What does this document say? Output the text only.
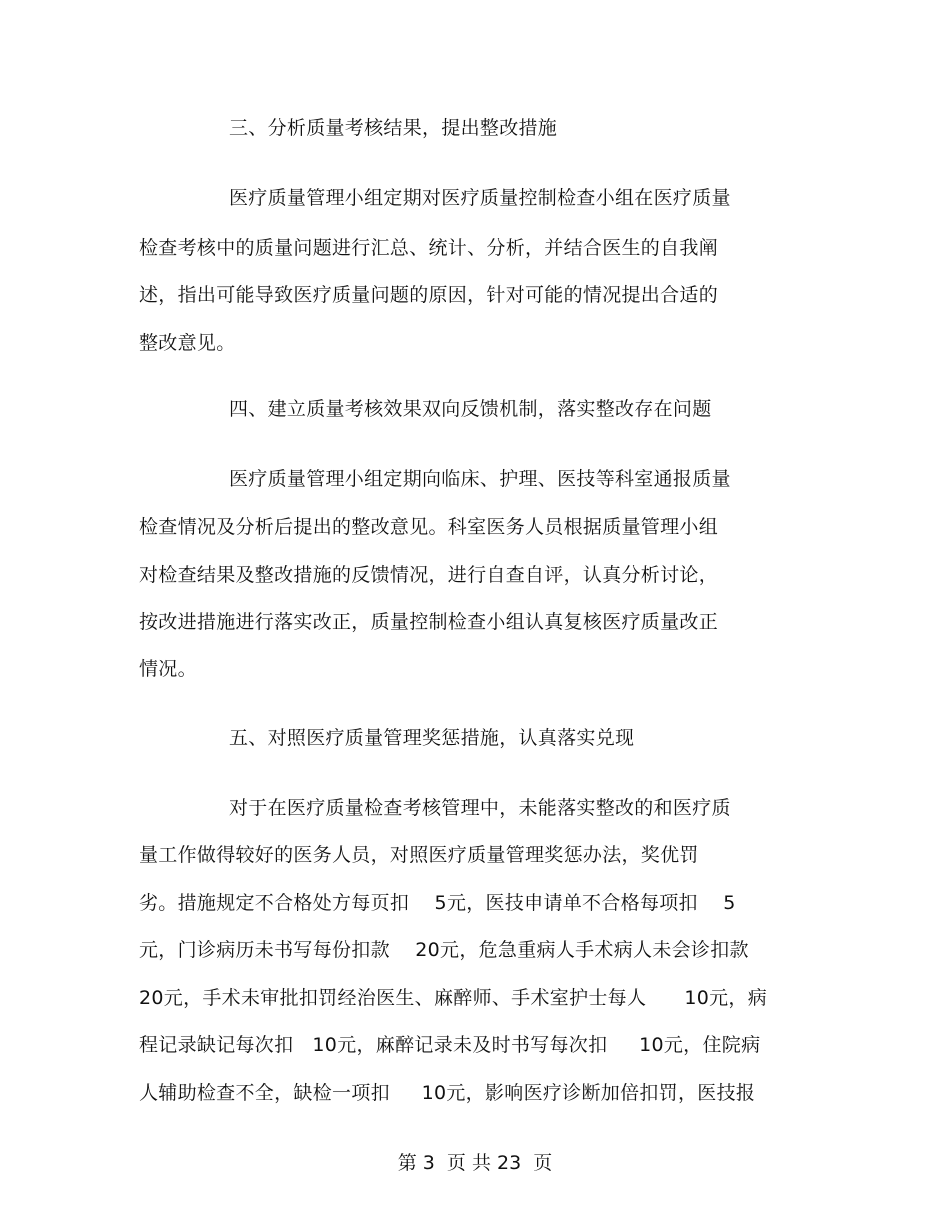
三、分析质量考核结果，提出整改措施
医疗质量管理小组定期对医疗质量控制检查小组在医疗质量
检查考核中的质量问题进行汇总、统计、分析，并结合医生的自我阐
述，指出可能导致医疗质量问题的原因，针对可能的情况提出合适的
整改意见。
四、建立质量考核效果双向反馈机制，落实整改存在问题
医疗质量管理小组定期向临床、护理、医技等科室通报质量
检查情况及分析后提出的整改意见。科室医务人员根据质量管理小组
对检查结果及整改措施的反馈情况，进行自查自评，认真分析讨论，
按改进措施进行落实改正，质量控制检查小组认真复核医疗质量改正
情况。
五、对照医疗质量管理奖惩措施，认真落实兑现
对于在医疗质量检查考核管理中，未能落实整改的和医疗质
量工作做得较好的医务人员，对照医疗质量管理奖惩办法，奖优罚
劣。措施规定不合格处方每页扣    5元，医技申请单不合格每项扣    5
元，门诊病历未书写每份扣款    20元，危急重病人手术病人未会诊扣款
20元，手术未审批扣罚经治医生、麻醉师、手术室护士每人      10元，病
程记录缺记每次扣   10元，麻醉记录未及时书写每次扣     10元，住院病
人辅助检查不全，缺检一项扣     10元，影响医疗诊断加倍扣罚，医技报
第 3  页 共 23  页
